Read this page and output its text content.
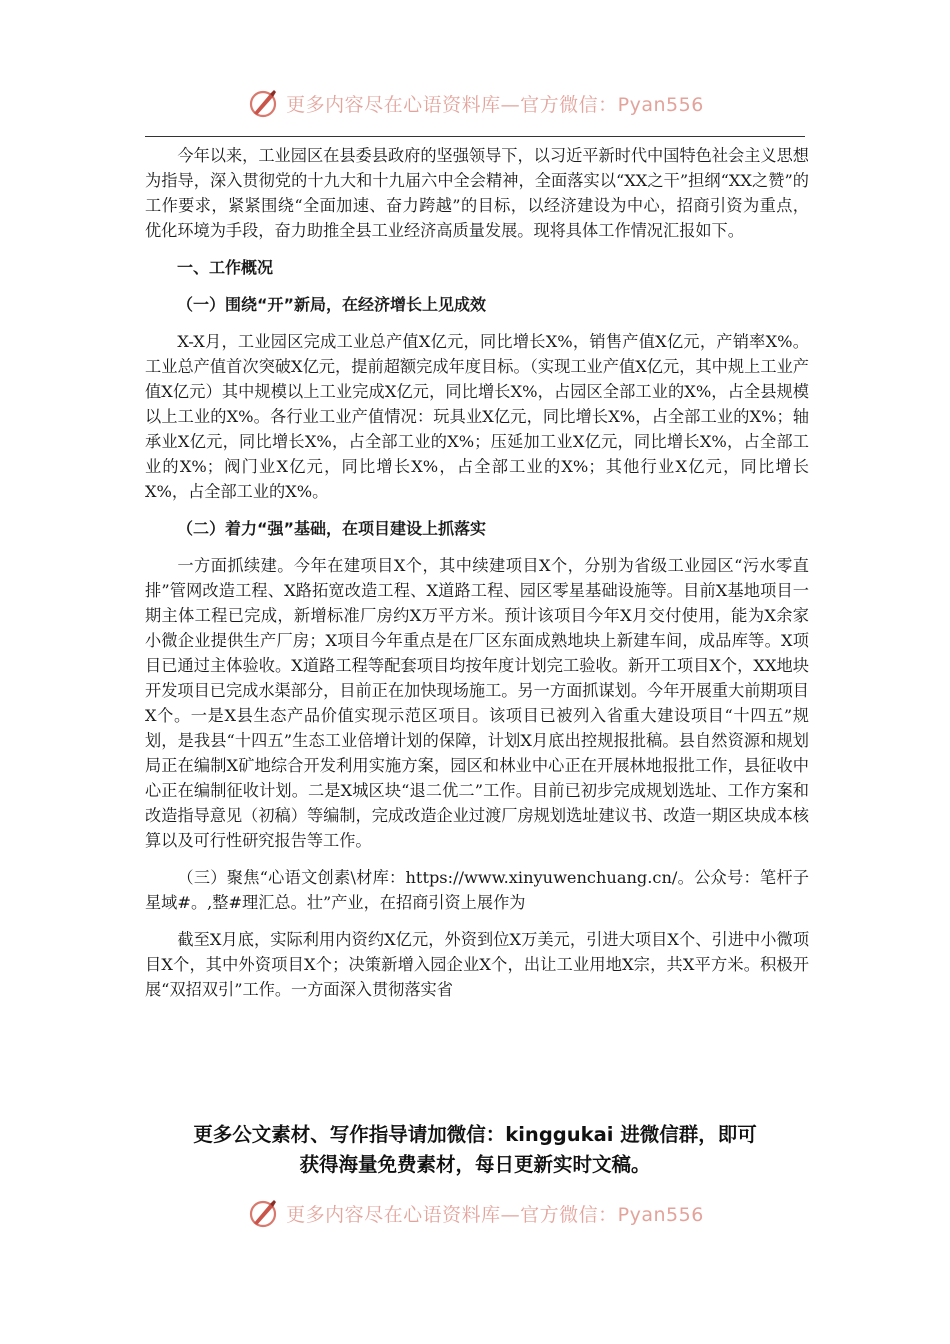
更多内容尽在心语资料库—官方微信：Pyan556

今年以来，工业园区在县委县政府的坚强领导下，以习近平新时代中国特色社会主义思想为指导，深入贯彻党的十九大和十九届六中全会精神，全面落实以“XX之干”担纲“XX之赞”的工作要求，紧紧围绕“全面加速、奋力跨越”的目标，以经济建设为中心，招商引资为重点，优化环境为手段，奋力助推全县工业经济高质量发展。现将具体工作情况汇报如下。

一、工作概况

（一）围绕“开”新局，在经济增长上见成效

X-X月，工业园区完成工业总产值X亿元，同比增长X%，销售产值X亿元，产销率X%。工业总产值首次突破X亿元，提前超额完成年度目标。（实现工业产值X亿元，其中规上工业产值X亿元）其中规模以上工业完成X亿元，同比增长X%，占园区全部工业的X%，占全县规模以上工业的X%。各行业工业产值情况：玩具业X亿元，同比增长X%，占全部工业的X%；轴承业X亿元，同比增长X%，占全部工业的X%；压延加工业X亿元，同比增长X%，占全部工业的X%；阀门业X亿元，同比增长X%，占全部工业的X%；其他行业X亿元，同比增长X%，占全部工业的X%。

（二）着力“强”基础，在项目建设上抓落实

一方面抓续建。今年在建项目X个，其中续建项目X个，分别为省级工业园区“污水零直排”管网改造工程、X路拓宽改造工程、X道路工程、园区零星基础设施等。目前X基地项目一期主体工程已完成，新增标准厂房约X万平方米。预计该项目今年X月交付使用，能为X余家小微企业提供生产厂房；X项目今年重点是在厂区东面成熟地块上新建车间，成品库等。X项目已通过主体验收。X道路工程等配套项目均按年度计划完工验收。新开工项目X个，XX地块开发项目已完成水渠部分，目前正在加快现场施工。另一方面抓谋划。今年开展重大前期项目X个。一是X县生态产品价值实现示范区项目。该项目已被列入省重大建设项目“十四五”规划，是我县“十四五”生态工业倍增计划的保障，计划X月底出控规报批稿。县自然资源和规划局正在编制X矿地综合开发利用实施方案，园区和林业中心正在开展林地报批工作，县征收中心正在编制征收计划。二是X城区块“退二优二”工作。目前已初步完成规划选址、工作方案和改造指导意见（初稿）等编制，完成改造企业过渡厂房规划选址建议书、改造一期区块成本核算以及可行性研究报告等工作。

（三）聚焦“心语文创素\材库：https://www.xinyuwenchuang.cn/。公众号：笔杆子星域#。,整#理汇总。壮”产业，在招商引资上展作为

截至X月底，实际利用内资约X亿元，外资到位X万美元，引进大项目X个、引进中小微项目X个，其中外资项目X个；决策新增入园企业X个，出让工业用地X宗，共X平方米。积极开展“双招双引”工作。一方面深入贯彻落实省

更多公文素材、写作指导请加微信：kinggukai 进微信群，即可
获得海量免费素材，每日更新实时文稿。
更多内容尽在心语资料库—官方微信：Pyan556
